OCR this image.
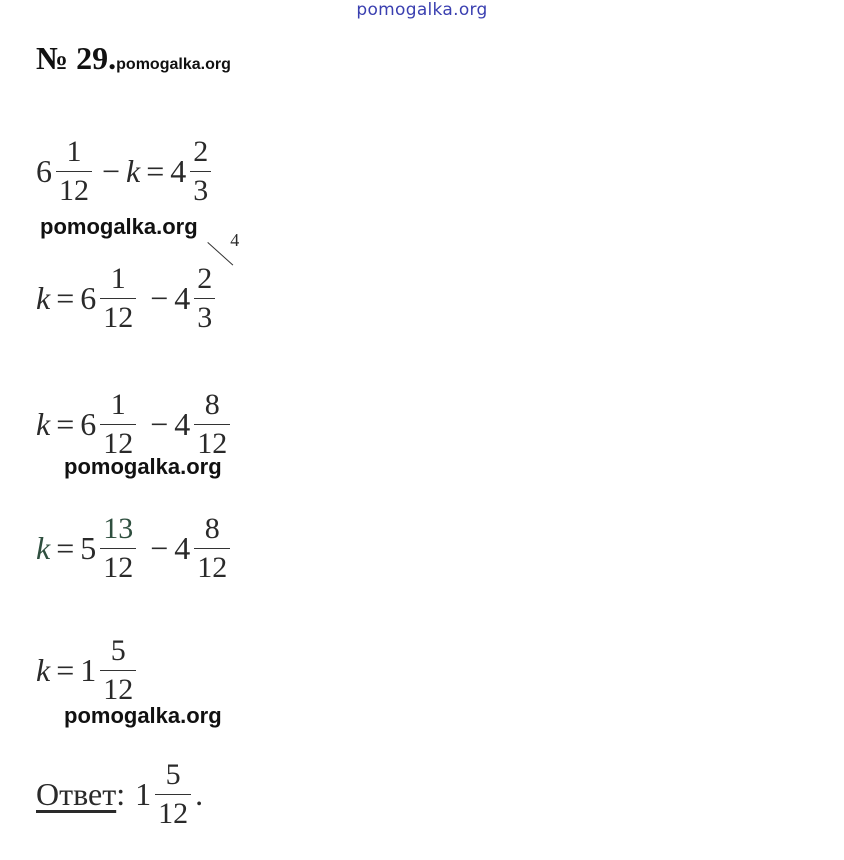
pomogalka.org
№ 29.pomogalka.org
$6 \frac{1}{12} - k = 4 \frac{2}{3}$
pomogalka.org
$k = 6 \frac{1}{12} - 4 \frac{2}{3}$
4
$k = 6 \frac{1}{12} - 4 \frac{8}{12}$
pomogalka.org
$k = 5 \frac{13}{12} - 4 \frac{8}{12}$
$k = 1 \frac{5}{12}$
pomogalka.org
Ответ : $1 \frac{5}{12}$ .
